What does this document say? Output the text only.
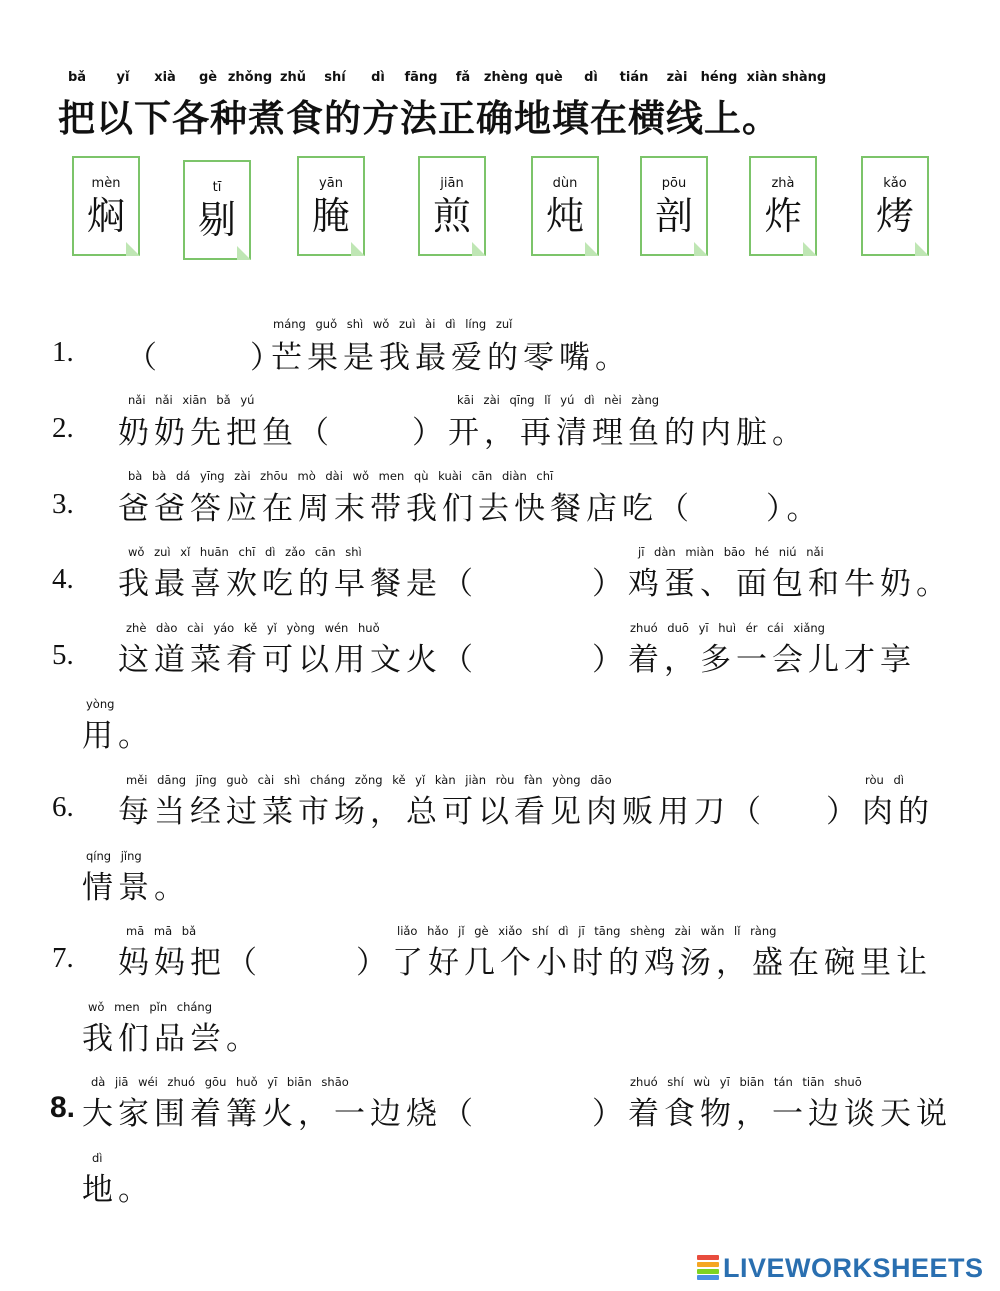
bǎ yǐ xià gè zhǒng zhǔ shí dì fāng fǎ zhèng què dì tián zài héng xiàn shàng
把以下各种煮食的方法正确地填在横线上。
mèn
焖
tī
剔
yān
腌
jiān
煎
dùn
炖
pōu
剖
zhà
炸
kǎo
烤
1. （　　　）
máng guǒ shì wǒ zuì ài dì líng zuǐ
芒果是我最爱的零嘴。
2.
nǎi nǎi xiān bǎ yú
奶奶先把鱼（
kāi zài qīng lǐ yú dì nèi zàng
）开，再清理鱼的内脏。
3.
bà bà dá yīng zài zhōu mò dài wǒ men qù kuài cān diàn chī
爸爸答应在周末带我们去快餐店吃（　　）。
4.
wǒ zuì xǐ huān chī dì zǎo cān shì
我最喜欢吃的早餐是（
jī dàn miàn bāo hé niú nǎi
）鸡蛋、面包和牛奶。
5.
zhè dào cài yáo kě yǐ yòng wén huǒ
这道菜肴可以用文火（
zhuó duō yī huì ér cái xiǎng
）着，多一会儿才享
yòng
用。
6.
měi dāng jīng guò cài shì cháng zǒng kě yǐ kàn jiàn ròu fàn yòng dāo
每当经过菜市场，总可以看见肉贩用刀（
ròu dì
）肉的
qíng jǐng
情景。
7.
mā mā bǎ
妈妈把（
liǎo hǎo jǐ gè xiǎo shí dì jī tāng shèng zài wǎn lǐ ràng
）了好几个小时的鸡汤，盛在碗里让
wǒ men pǐn cháng
我们品尝。
8.
dà jiā wéi zhuó gōu huǒ yī biān shāo
大家围着篝火，一边烧（
zhuó shí wù yī biān tán tiān shuō
）着食物，一边谈天说
dì
地。
LIVEWORKSHEETS
